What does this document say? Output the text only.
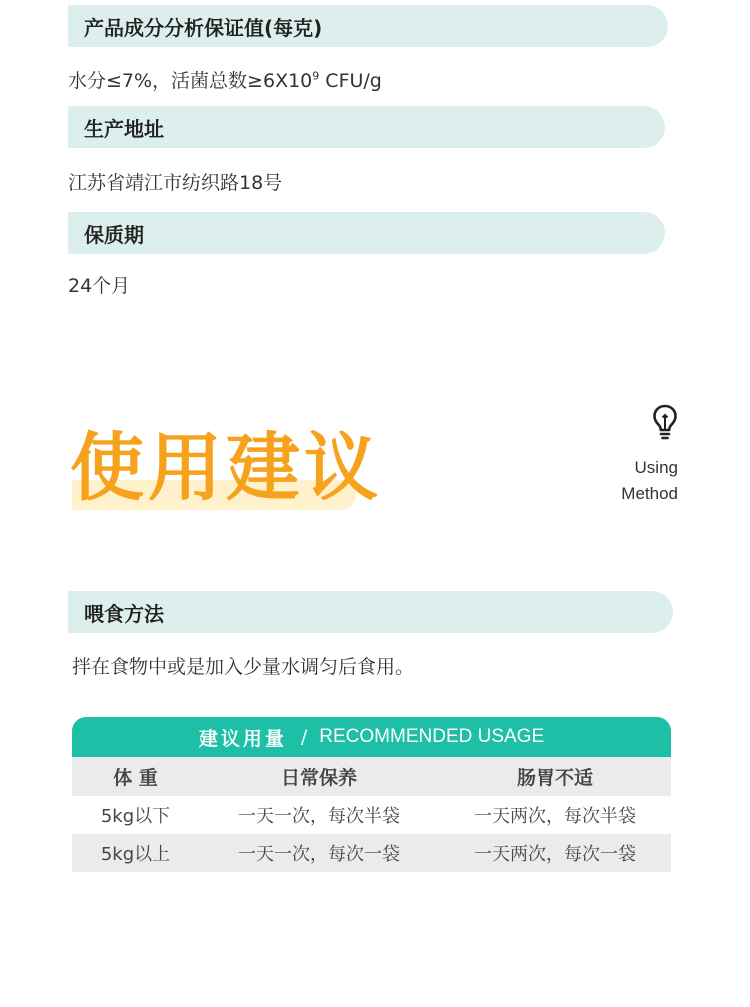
产品成分分析保证值(每克)
水分≤7%，活菌总数$\ge 6X10^9$ CFU/g
生产地址
江苏省靖江市纺织路18号
保质期
24个月
使用建议	Using
Method
喂食方法
拌在食物中或是加入少量水调匀后食用。
建议用量 / RECOMMENDED USAGE
体 重	日常保养	肠胃不适
5kg以下	一天一次，每次半袋	一天两次，每次半袋
5kg以上	一天一次，每次一袋	一天两次，每次一袋
